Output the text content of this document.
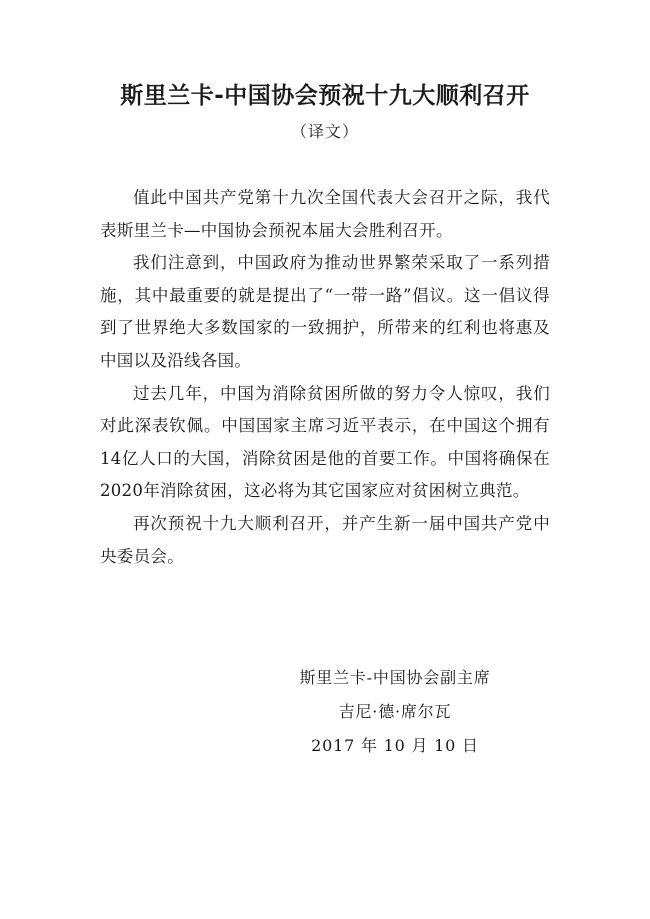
斯里兰卡-中国协会预祝十九大顺利召开
（译文）

值此中国共产党第十九次全国代表大会召开之际，我代表斯里兰卡—中国协会预祝本届大会胜利召开。

我们注意到，中国政府为推动世界繁荣采取了一系列措施，其中最重要的就是提出了“一带一路”倡议。这一倡议得到了世界绝大多数国家的一致拥护，所带来的红利也将惠及中国以及沿线各国。

过去几年，中国为消除贫困所做的努力令人惊叹，我们对此深表钦佩。中国国家主席习近平表示，在中国这个拥有14亿人口的大国，消除贫困是他的首要工作。中国将确保在2020年消除贫困，这必将为其它国家应对贫困树立典范。

再次预祝十九大顺利召开，并产生新一届中国共产党中央委员会。

斯里兰卡-中国协会副主席
吉尼·德·席尔瓦
2017 年 10 月 10 日
